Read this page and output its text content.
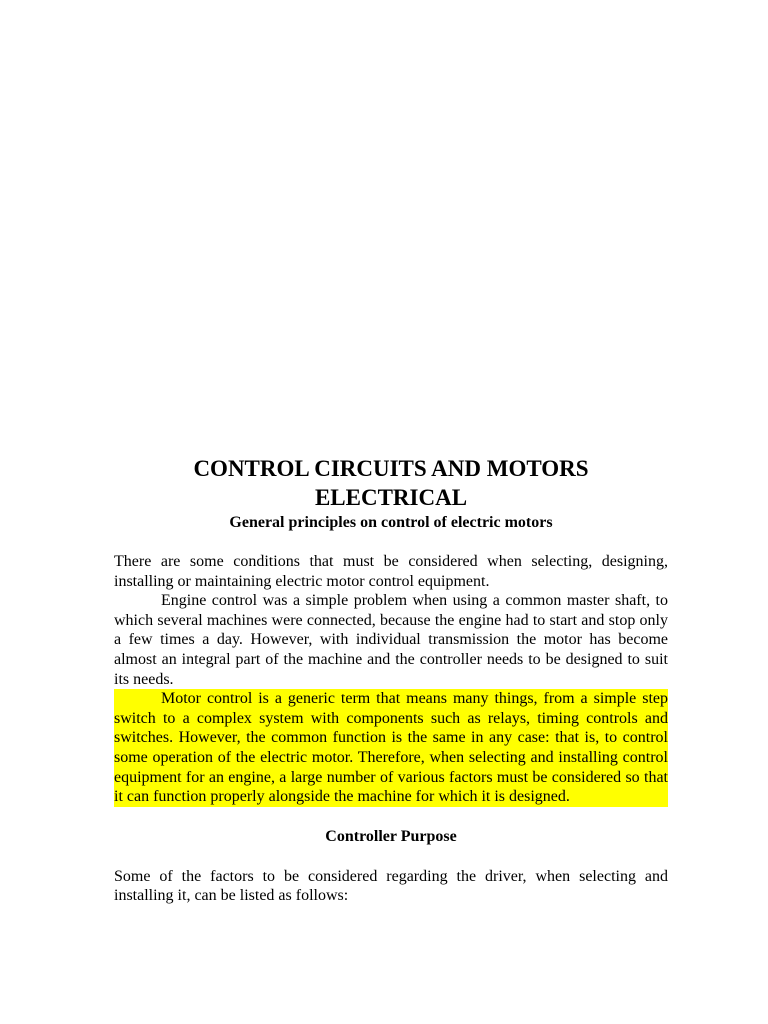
CONTROL CIRCUITS AND MOTORS
ELECTRICAL
General principles on control of electric motors

There are some conditions that must be considered when selecting, designing, installing or maintaining electric motor control equipment.

Engine control was a simple problem when using a common master shaft, to which several machines were connected, because the engine had to start and stop only a few times a day. However, with individual transmission the motor has become almost an integral part of the machine and the controller needs to be designed to suit its needs.

Motor control is a generic term that means many things, from a simple step switch to a complex system with components such as relays, timing controls and switches. However, the common function is the same in any case: that is, to control some operation of the electric motor. Therefore, when selecting and installing control equipment for an engine, a large number of various factors must be considered so that it can function properly alongside the machine for which it is designed.

Controller Purpose

Some of the factors to be considered regarding the driver, when selecting and installing it, can be listed as follows:
